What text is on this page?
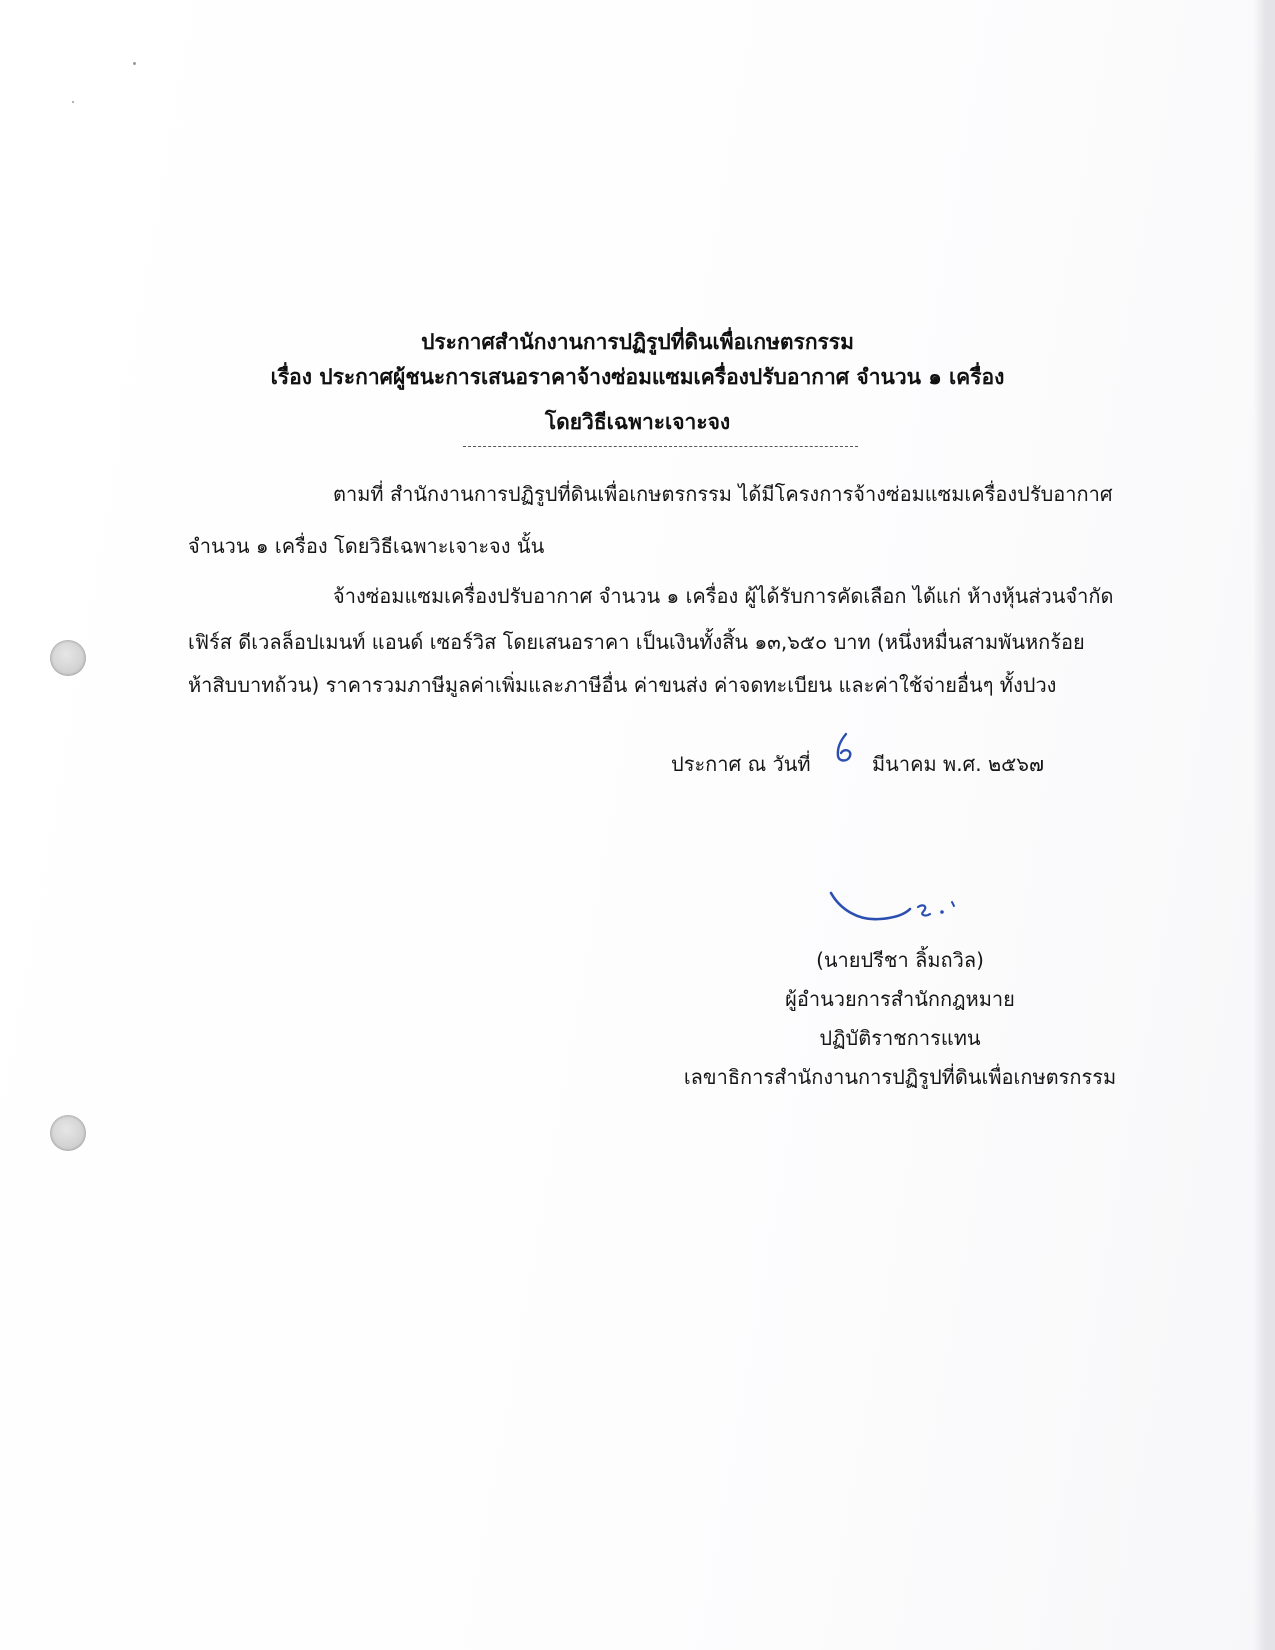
ประกาศสำนักงานการปฏิรูปที่ดินเพื่อเกษตรกรรม
เรื่อง ประกาศผู้ชนะการเสนอราคาจ้างซ่อมแซมเครื่องปรับอากาศ จำนวน ๑ เครื่อง
โดยวิธีเฉพาะเจาะจง
ตามที่ สำนักงานการปฏิรูปที่ดินเพื่อเกษตรกรรม ได้มีโครงการจ้างซ่อมแซมเครื่องปรับอากาศ
จำนวน ๑ เครื่อง โดยวิธีเฉพาะเจาะจง นั้น
จ้างซ่อมแซมเครื่องปรับอากาศ จำนวน ๑ เครื่อง ผู้ได้รับการคัดเลือก ได้แก่ ห้างหุ้นส่วนจำกัด
เฟิร์ส ดีเวลล็อปเมนท์ แอนด์ เซอร์วิส โดยเสนอราคา เป็นเงินทั้งสิ้น ๑๓,๖๕๐ บาท (หนึ่งหมื่นสามพันหกร้อย
ห้าสิบบาทถ้วน) ราคารวมภาษีมูลค่าเพิ่มและภาษีอื่น ค่าขนส่ง ค่าจดทะเบียน และค่าใช้จ่ายอื่นๆ ทั้งปวง
ประกาศ ณ วันที่	มีนาคม พ.ศ. ๒๕๖๗
(นายปรีชา ลิ้มถวิล)
ผู้อำนวยการสำนักกฎหมาย
ปฏิบัติราชการแทน
เลขาธิการสำนักงานการปฏิรูปที่ดินเพื่อเกษตรกรรม
